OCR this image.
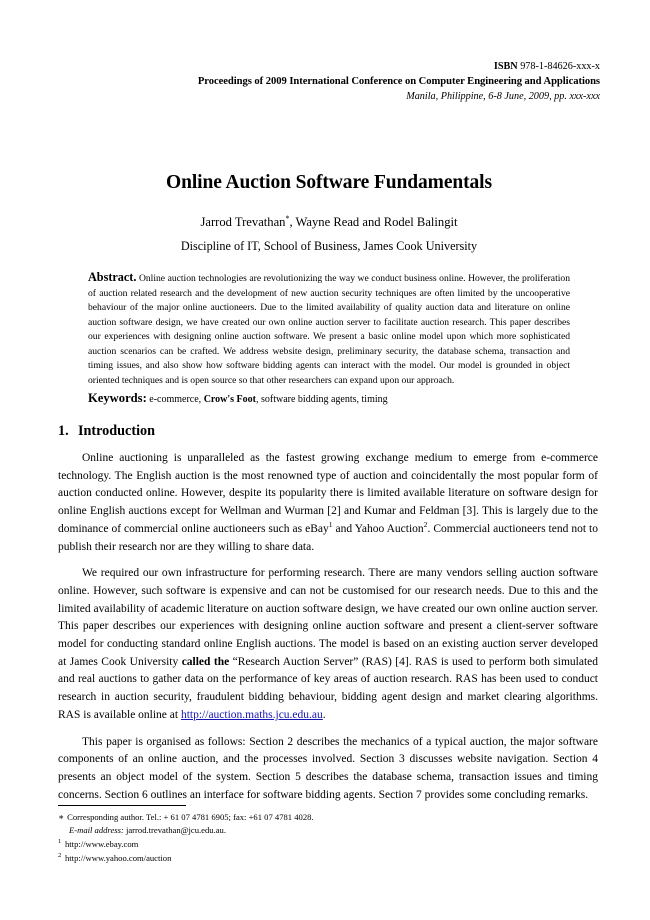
ISBN 978-1-84626-xxx-x
Proceedings of 2009 International Conference on Computer Engineering and Applications
Manila, Philippine, 6-8 June, 2009, pp. xxx-xxx
Online Auction Software Fundamentals
Jarrod Trevathan*, Wayne Read and Rodel Balingit
Discipline of IT, School of Business, James Cook University
Abstract. Online auction technologies are revolutionizing the way we conduct business online. However, the proliferation of auction related research and the development of new auction security techniques are often limited by the uncooperative behaviour of the major online auctioneers. Due to the limited availability of quality auction data and literature on online auction software design, we have created our own online auction server to facilitate auction research. This paper describes our experiences with designing online auction software. We present a basic online model upon which more sophisticated auction scenarios can be crafted. We address website design, preliminary security, the database schema, transaction and timing issues, and also show how software bidding agents can interact with the model. Our model is grounded in object oriented techniques and is open source so that other researchers can expand upon our approach.
Keywords: e-commerce, Crow's Foot, software bidding agents, timing
1. Introduction

Online auctioning is unparalleled as the fastest growing exchange medium to emerge from e-commerce technology. The English auction is the most renowned type of auction and coincidentally the most popular form of auction conducted online. However, despite its popularity there is limited available literature on software design for online English auctions except for Wellman and Wurman [2] and Kumar and Feldman [3]. This is largely due to the dominance of commercial online auctioneers such as eBay$^1$ and Yahoo Auction$^2$. Commercial auctioneers tend not to publish their research nor are they willing to share data.

We required our own infrastructure for performing research. There are many vendors selling auction software online. However, such software is expensive and can not be customised for our research needs. Due to this and the limited availability of academic literature on auction software design, we have created our own online auction server. This paper describes our experiences with designing online auction software and present a client-server software model for conducting standard online English auctions. The model is based on an existing auction server developed at James Cook University called the “Research Auction Server” (RAS) [4]. RAS is used to perform both simulated and real auctions to gather data on the performance of key areas of auction research. RAS has been used to conduct research in auction security, fraudulent bidding behaviour, bidding agent design and market clearing algorithms. RAS is available online at http://auction.maths.jcu.edu.au.

This paper is organised as follows: Section 2 describes the mechanics of a typical auction, the major software components of an online auction, and the processes involved. Section 3 discusses website navigation. Section 4 presents an object model of the system. Section 5 describes the database schema, transaction issues and timing concerns. Section 6 outlines an interface for software bidding agents. Section 7 provides some concluding remarks.

∗ Corresponding author. Tel.: + 61 07 4781 6905; fax: +61 07 4781 4028.
E-mail address: jarrod.trevathan@jcu.edu.au.
1 http://www.ebay.com
2 http://www.yahoo.com/auction
